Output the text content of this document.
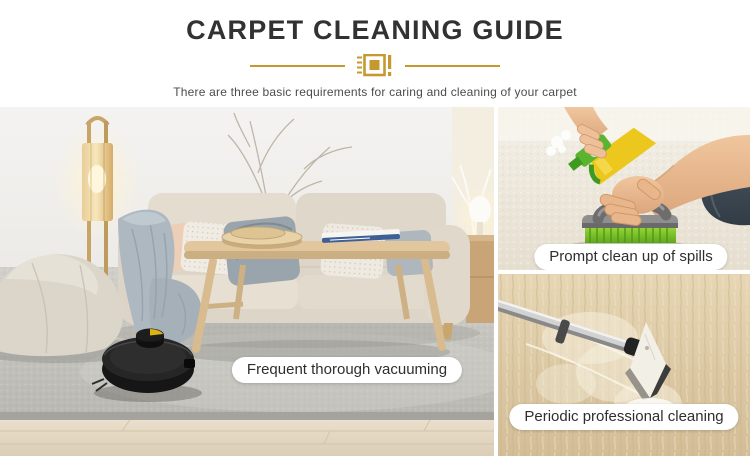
CARPET CLEANING GUIDE

There are three basic requirements for caring and cleaning of your carpet

Frequent thorough vacuuming
Prompt clean up of spills
Periodic professional cleaning
